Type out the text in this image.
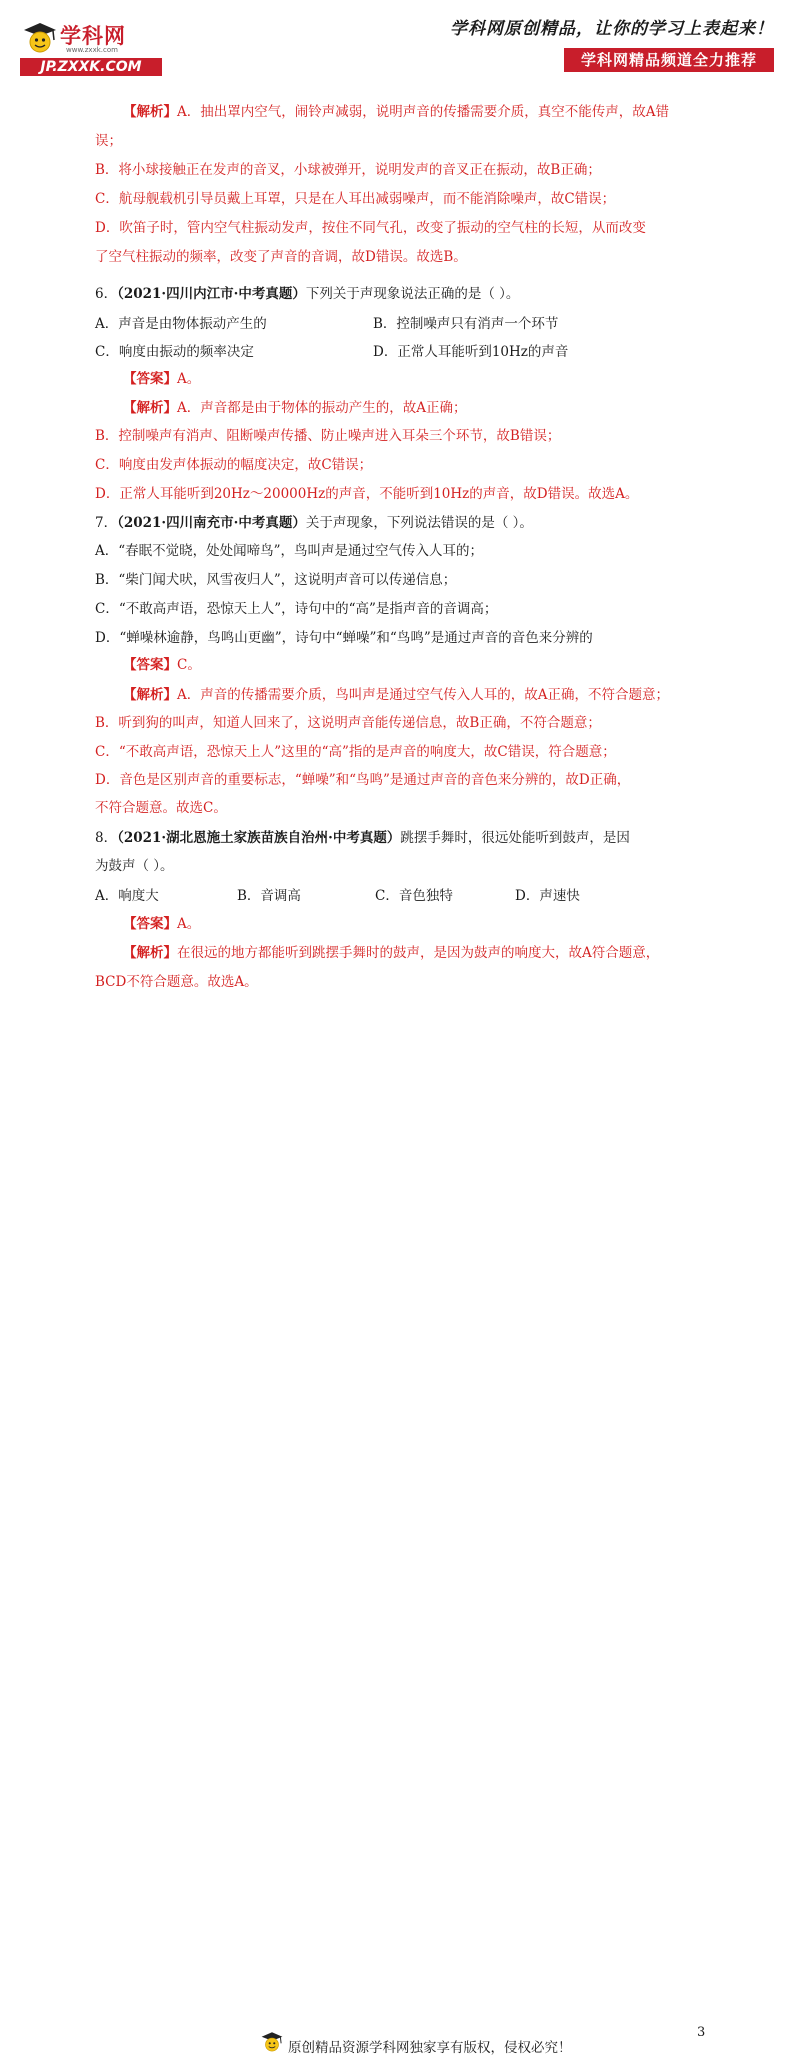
学科网
www.zxxk.com
JP.ZXXK.COM
学科网原创精品，让你的学习上表起来！
学科网精品频道全力推荐
【解析】A．抽出罩内空气，闹铃声减弱，说明声音的传播需要介质，真空不能传声，故A错
误；
B．将小球接触正在发声的音叉，小球被弹开，说明发声的音叉正在振动，故B正确；
C．航母舰载机引导员戴上耳罩，只是在人耳出减弱噪声，而不能消除噪声，故C错误；
D．吹笛子时，管内空气柱振动发声，按住不同气孔，改变了振动的空气柱的长短，从而改变
了空气柱振动的频率，改变了声音的音调，故D错误。故选B。
6．（2021·四川内江市·中考真题）下列关于声现象说法正确的是（ ）。
A．声音是由物体振动产生的	B．控制噪声只有消声一个环节
C．响度由振动的频率决定	D．正常人耳能听到10Hz的声音
【答案】A。
【解析】A．声音都是由于物体的振动产生的，故A正确；
B．控制噪声有消声、阻断噪声传播、防止噪声进入耳朵三个环节，故B错误；
C．响度由发声体振动的幅度决定，故C错误；
D．正常人耳能听到20Hz～20000Hz的声音，不能听到10Hz的声音，故D错误。故选A。
7．（2021·四川南充市·中考真题）关于声现象，下列说法错误的是（ ）。
A．“春眠不觉晓，处处闻啼鸟”，鸟叫声是通过空气传入人耳的；
B．“柴门闻犬吠，风雪夜归人”，这说明声音可以传递信息；
C．“不敢高声语，恐惊天上人”，诗句中的“高”是指声音的音调高；
D．“蝉噪林逾静，鸟鸣山更幽”，诗句中“蝉噪”和“鸟鸣”是通过声音的音色来分辨的
【答案】C。
【解析】A．声音的传播需要介质，鸟叫声是通过空气传入人耳的，故A正确，不符合题意；
B．听到狗的叫声，知道人回来了，这说明声音能传递信息，故B正确，不符合题意；
C．“不敢高声语，恐惊天上人”这里的“高”指的是声音的响度大，故C错误，符合题意；
D．音色是区别声音的重要标志，“蝉噪”和“鸟鸣”是通过声音的音色来分辨的，故D正确，
不符合题意。故选C。
8．（2021·湖北恩施土家族苗族自治州·中考真题）跳摆手舞时，很远处能听到鼓声，是因
为鼓声（ ）。
A．响度大	B．音调高	C．音色独特	D．声速快
【答案】A。
【解析】在很远的地方都能听到跳摆手舞时的鼓声，是因为鼓声的响度大，故A符合题意，
BCD不符合题意。故选A。
3
原创精品资源学科网独家享有版权，侵权必究！
